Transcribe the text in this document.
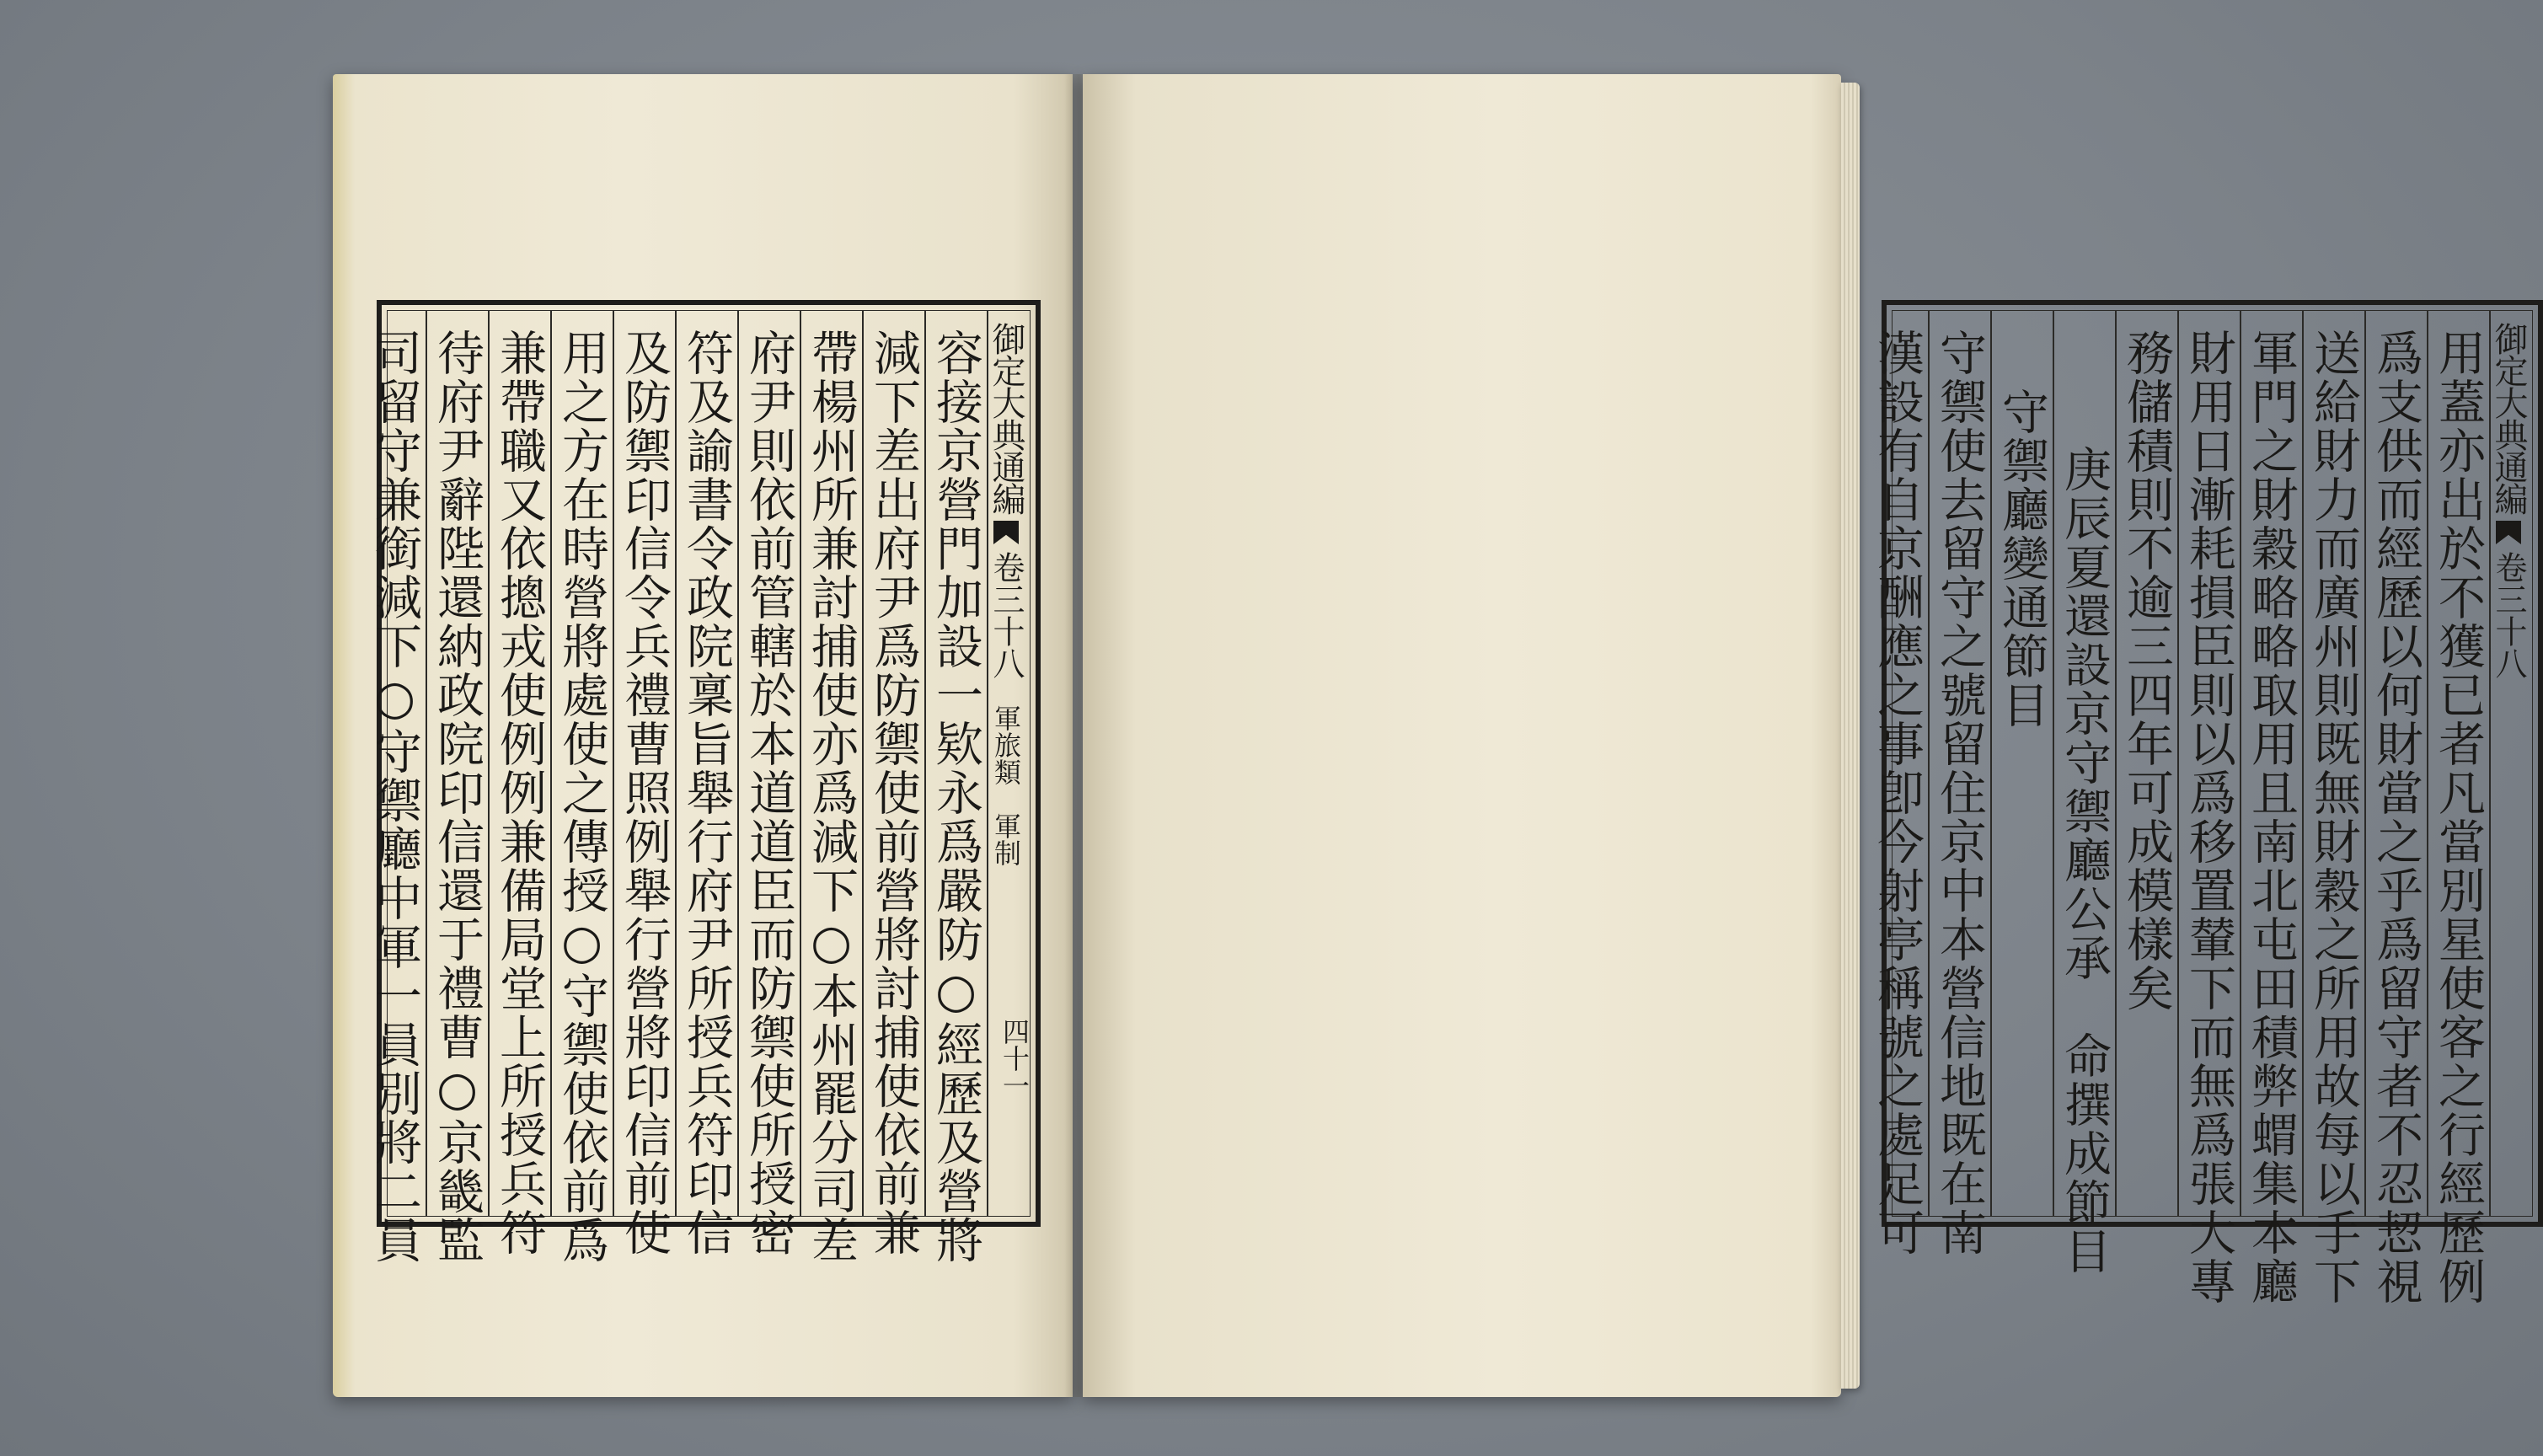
御定大典通編卷三十八軍旅類　軍制
四十一
容接京營門加設一欵永爲嚴防○經歷及營將
減下差出府尹爲防禦使前營將討捕使依前兼
帶楊州所兼討捕使亦爲減下○本州罷分司差
府尹則依前管轄於本道道臣而防禦使所授密
符及諭書令政院稟旨舉行府尹所授兵符印信
及防禦印信令兵禮曹照例舉行營將印信前使
用之方在時營將處使之傳授○守禦使依前爲
兼帶職又依摠戎使例例兼備局堂上所授兵符
待府尹辭陛還納政院印信還于禮曹○京畿監
司留守兼銜減下○守禦廳中軍一員別將二員	御定大典通編卷三十八
用蓋亦出於不獲已者凡當別星使客之行經歷例
爲支供而經歷以何財當之乎爲留守者不忍恝視
送給財力而廣州則既無財穀之所用故每以手下
軍門之財穀略略取用且南北屯田積弊蝟集本廳
財用日漸耗損臣則以爲移置輦下而無爲張大專
務儲積則不逾三四年可成模樣矣
庚辰夏還設京守禦廳公承　命撰成節目
守禦廳變通節目
守禦使去留守之號留住京中本營信地既在南
漢設有自京酬應之事卽今射亭稱號之處足可
